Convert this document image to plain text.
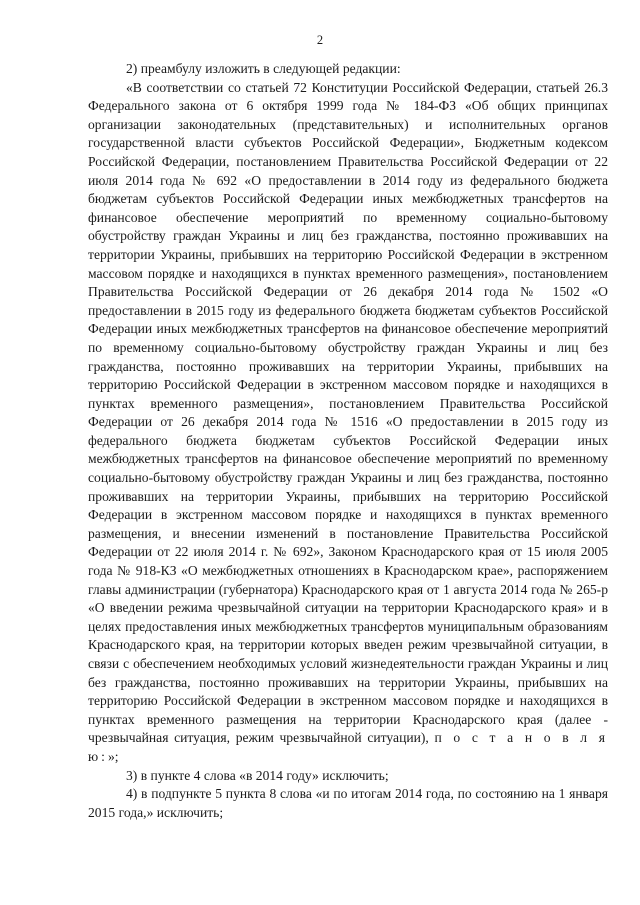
2

2) преамбулу изложить в следующей редакции:

«В соответствии со статьей 72 Конституции Российской Федерации, статьей 26.3 Федерального закона от 6 октября 1999 года № 184-ФЗ «Об общих принципах организации законодательных (представительных) и исполнительных органов государственной власти субъектов Российской Федерации», Бюджетным кодексом Российской Федерации, постановлением Правительства Российской Федерации от 22 июля 2014 года № 692 «О предоставлении в 2014 году из федерального бюджета бюджетам субъектов Российской Федерации иных межбюджетных трансфертов на финансовое обеспечение мероприятий по временному социально-бытовому обустройству граждан Украины и лиц без гражданства, постоянно проживавших на территории Украины, прибывших на территорию Российской Федерации в экстренном массовом порядке и находящихся в пунктах временного размещения», постановлением Правительства Российской Федерации от 26 декабря 2014 года № 1502 «О предоставлении в 2015 году из федерального бюджета бюджетам субъектов Российской Федерации иных межбюджетных трансфертов на финансовое обеспечение мероприятий по временному социально-бытовому обустройству граждан Украины и лиц без гражданства, постоянно проживавших на территории Украины, прибывших на территорию Российской Федерации в экстренном массовом порядке и находящихся в пунктах временного размещения», постановлением Правительства Российской Федерации от 26 декабря 2014 года № 1516 «О предоставлении в 2015 году из федерального бюджета бюджетам субъектов Российской Федерации иных межбюджетных трансфертов на финансовое обеспечение мероприятий по временному социально-бытовому обустройству граждан Украины и лиц без гражданства, постоянно проживавших на территории Украины, прибывших на территорию Российской Федерации в экстренном массовом порядке и находящихся в пунктах временного размещения, и внесении изменений в постановление Правительства Российской Федерации от 22 июля 2014 г. № 692», Законом Краснодарского края от 15 июля 2005 года № 918-КЗ «О межбюджетных отношениях в Краснодарском крае», распоряжением главы администрации (губернатора) Краснодарского края от 1 августа 2014 года № 265-р «О введении режима чрезвычайной ситуации на территории Краснодарского края» и в целях предоставления иных межбюджетных трансфертов муниципальным образованиям Краснодарского края, на территории которых введен режим чрезвычайной ситуации, в связи с обеспечением необходимых условий жизнедеятельности граждан Украины и лиц без гражданства, постоянно проживавших на территории Украины, прибывших на территорию Российской Федерации в экстренном массовом порядке и находящихся в пунктах временного размещения на территории Краснодарского края (далее - чрезвычайная ситуация, режим чрезвычайной ситуации), п о с т а н о в л я ю:»;

3) в пункте 4 слова «в 2014 году» исключить;

4) в подпункте 5 пункта 8 слова «и по итогам 2014 года, по состоянию на 1 января 2015 года,» исключить;
